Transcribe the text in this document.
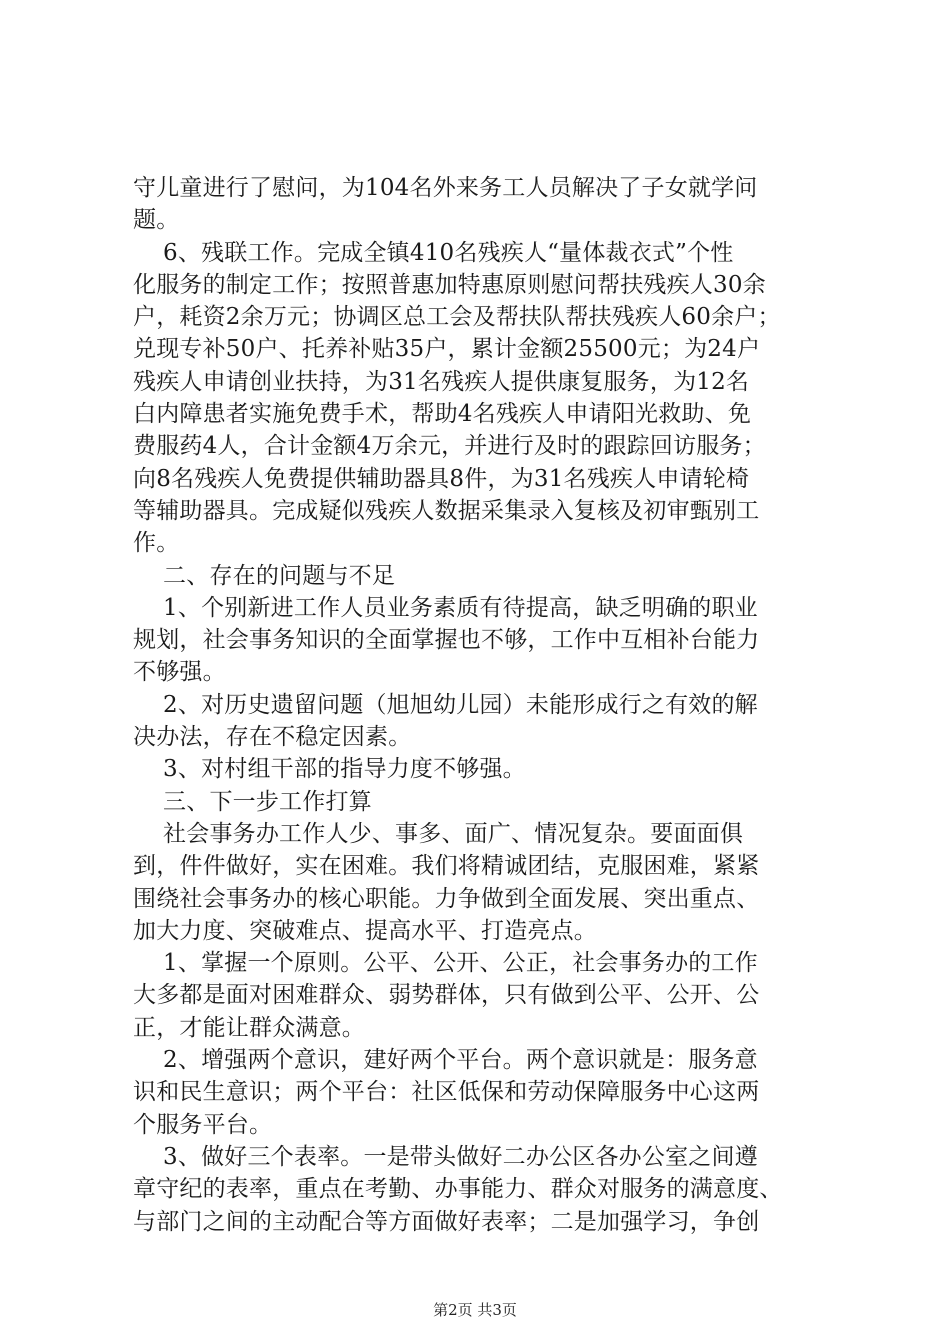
守儿童进行了慰问，为104名外来务工人员解决了子女就学问
题。
6、残联工作。完成全镇410名残疾人“量体裁衣式”个性
化服务的制定工作；按照普惠加特惠原则慰问帮扶残疾人30余
户，耗资2余万元；协调区总工会及帮扶队帮扶残疾人60余户；
兑现专补50户、托养补贴35户，累计金额25500元；为24户
残疾人申请创业扶持，为31名残疾人提供康复服务，为12名
白内障患者实施免费手术，帮助4名残疾人申请阳光救助、免
费服药4人，合计金额4万余元，并进行及时的跟踪回访服务；
向8名残疾人免费提供辅助器具8件，为31名残疾人申请轮椅
等辅助器具。完成疑似残疾人数据采集录入复核及初审甄别工
作。
二、存在的问题与不足
1、个别新进工作人员业务素质有待提高，缺乏明确的职业
规划，社会事务知识的全面掌握也不够，工作中互相补台能力
不够强。
2、对历史遗留问题（旭旭幼儿园）未能形成行之有效的解
决办法，存在不稳定因素。
3、对村组干部的指导力度不够强。
三、下一步工作打算
社会事务办工作人少、事多、面广、情况复杂。要面面俱
到，件件做好，实在困难。我们将精诚团结，克服困难，紧紧
围绕社会事务办的核心职能。力争做到全面发展、突出重点、
加大力度、突破难点、提高水平、打造亮点。
1、掌握一个原则。公平、公开、公正，社会事务办的工作
大多都是面对困难群众、弱势群体，只有做到公平、公开、公
正，才能让群众满意。
2、增强两个意识，建好两个平台。两个意识就是：服务意
识和民生意识；两个平台：社区低保和劳动保障服务中心这两
个服务平台。
3、做好三个表率。一是带头做好二办公区各办公室之间遵
章守纪的表率，重点在考勤、办事能力、群众对服务的满意度、
与部门之间的主动配合等方面做好表率；二是加强学习，争创
第2页 共3页
